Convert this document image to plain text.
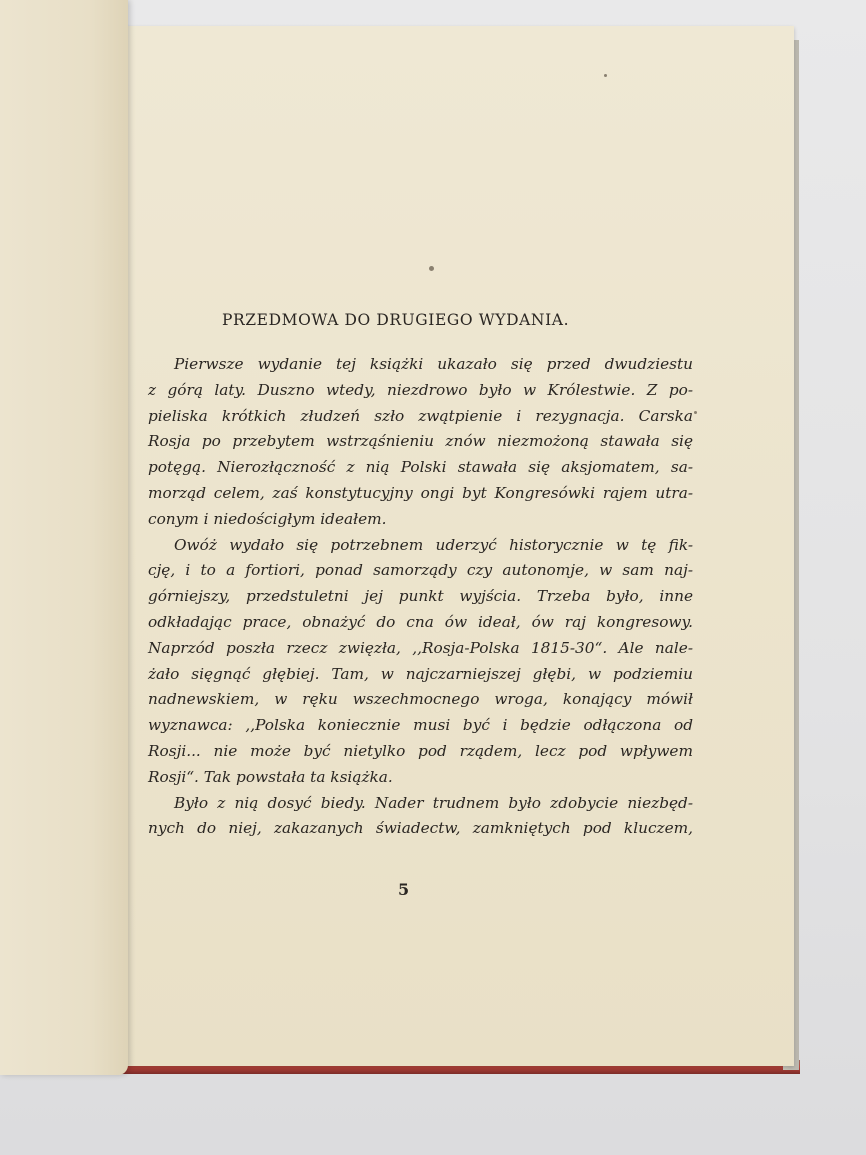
PRZEDMOWA DO DRUGIEGO WYDANIA.
Pierwsze wydanie tej książki ukazało się przed dwudziestu
z górą laty. Duszno wtedy, niezdrowo było w Królestwie. Z po-
pieliska krótkich złudzeń szło zwątpienie i rezygnacja. Carska
Rosja po przebytem wstrząśnieniu znów niezmożoną stawała się
potęgą. Nierozłączność z nią Polski stawała się aksjomatem, sa-
morząd celem, zaś konstytucyjny ongi byt Kongresówki rajem utra-
conym i niedościgłym ideałem.
Owóż wydało się potrzebnem uderzyć historycznie w tę fik-
cję, i to a fortiori, ponad samorządy czy autonomje, w sam naj-
górniejszy, przedstuletni jej punkt wyjścia. Trzeba było, inne
odkładając prace, obnażyć do cna ów ideał, ów raj kongresowy.
Naprzód poszła rzecz zwięzła, ,,Rosja-Polska 1815-30“. Ale nale-
żało sięgnąć głębiej. Tam, w najczarniejszej głębi, w podziemiu
nadnewskiem, w ręku wszechmocnego wroga, konający mówił
wyznawca: ,,Polska koniecznie musi być i będzie odłączona od
Rosji... nie może być nietylko pod rządem, lecz pod wpływem
Rosji“. Tak powstała ta książka.
Było z nią dosyć biedy. Nader trudnem było zdobycie niezbęd-
nych do niej, zakazanych świadectw, zamkniętych pod kluczem,
5
